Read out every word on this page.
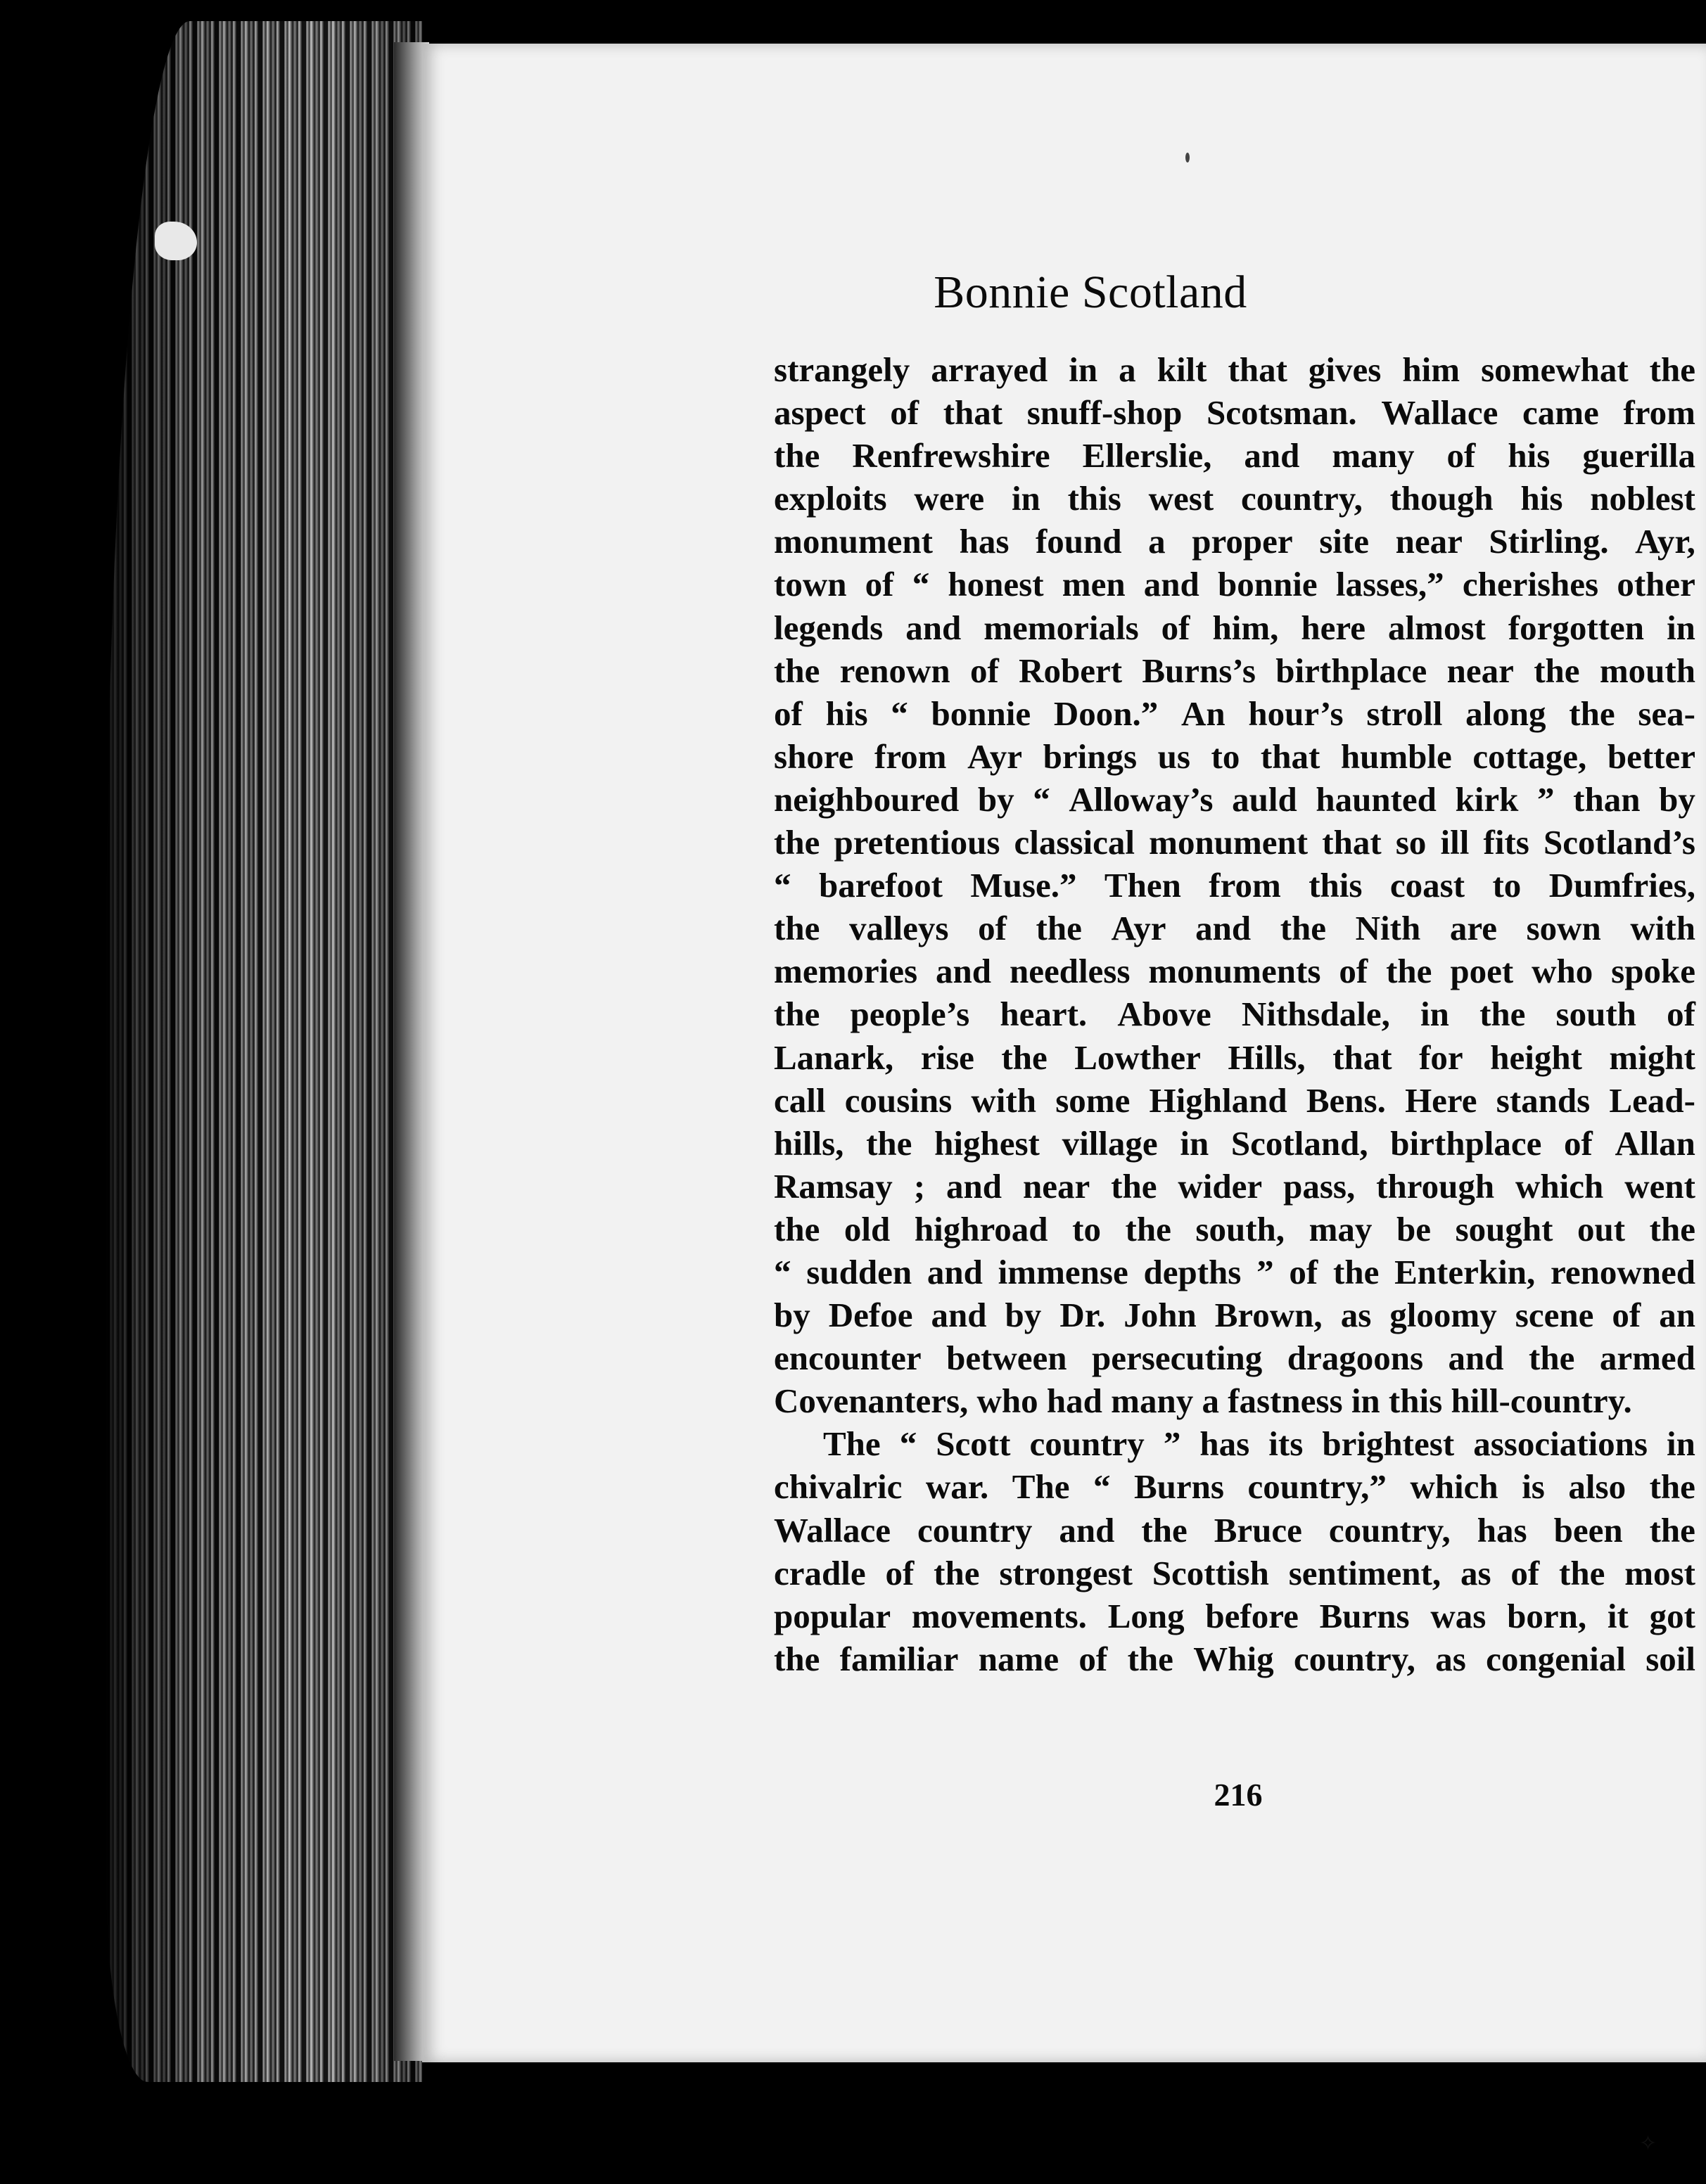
✧
Bonnie Scotland
strangely arrayed in a kilt that gives him somewhat the
aspect of that snuff-shop Scotsman. Wallace came from
the Renfrewshire Ellerslie, and many of his guerilla
exploits were in this west country, though his noblest
monument has found a proper site near Stirling. Ayr,
town of “ honest men and bonnie lasses,” cherishes other
legends and memorials of him, here almost forgotten in
the renown of Robert Burns’s birthplace near the mouth
of his “ bonnie Doon.” An hour’s stroll along the sea-
shore from Ayr brings us to that humble cottage, better
neighboured by “ Alloway’s auld haunted kirk ” than by
the pretentious classical monument that so ill fits Scotland’s
“ barefoot Muse.” Then from this coast to Dumfries,
the valleys of the Ayr and the Nith are sown with
memories and needless monuments of the poet who spoke
the people’s heart. Above Nithsdale, in the south of
Lanark, rise the Lowther Hills, that for height might
call cousins with some Highland Bens. Here stands Lead-
hills, the highest village in Scotland, birthplace of Allan
Ramsay ; and near the wider pass, through which went
the old highroad to the south, may be sought out the
“ sudden and immense depths ” of the Enterkin, renowned
by Defoe and by Dr. John Brown, as gloomy scene of an
encounter between persecuting dragoons and the armed
Covenanters, who had many a fastness in this hill-country.
The “ Scott country ” has its brightest associations in
chivalric war. The “ Burns country,” which is also the
Wallace country and the Bruce country, has been the
cradle of the strongest Scottish sentiment, as of the most
popular movements. Long before Burns was born, it got
the familiar name of the Whig country, as congenial soil
216
